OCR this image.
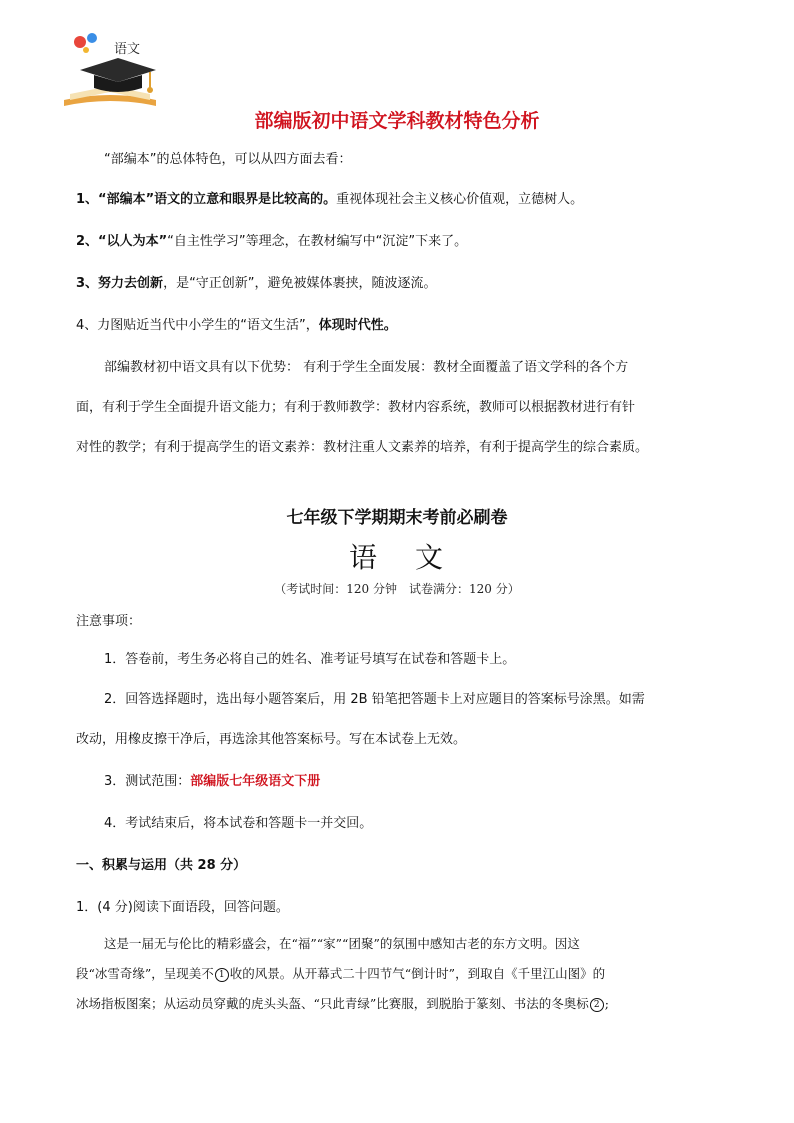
语文
部编版初中语文学科教材特色分析
“部编本”的总体特色，可以从四方面去看：
1、“部编本”语文的立意和眼界是比较高的。重视体现社会主义核心价值观，立德树人。
2、“以人为本”“自主性学习”等理念，在教材编写中“沉淀”下来了。
3、努力去创新，是“守正创新”，避免被媒体裹挟，随波逐流。
4、力图贴近当代中小学生的“语文生活”，体现时代性。
部编教材初中语文具有以下优势： 有利于学生全面发展：教材全面覆盖了语文学科的各个方
面，有利于学生全面提升语文能力；有利于教师教学：教材内容系统，教师可以根据教材进行有针
对性的教学；有利于提高学生的语文素养：教材注重人文素养的培养，有利于提高学生的综合素质。
七年级下学期期末考前必刷卷
语 文
（考试时间：120 分钟　试卷满分：120 分）
注意事项：
1．答卷前，考生务必将自己的姓名、准考证号填写在试卷和答题卡上。
2．回答选择题时，选出每小题答案后，用 2B 铅笔把答题卡上对应题目的答案标号涂黑。如需
改动，用橡皮擦干净后，再选涂其他答案标号。写在本试卷上无效。
3．测试范围：部编版七年级语文下册
4．考试结束后，将本试卷和答题卡一并交回。
一、积累与运用（共 28 分）
1．(4 分)阅读下面语段，回答问题。
这是一届无与伦比的精彩盛会，在“福”“家”“团聚”的氛围中感知古老的东方文明。因这
段“冰雪奇缘”，呈现美不 1 收的风景。从开幕式二十四节气“倒计时”，到取自《千里江山图》的
冰场指板图案；从运动员穿戴的虎头头盔、“只此青绿”比赛服，到脱胎于篆刻、书法的冬奥标 2 ;
